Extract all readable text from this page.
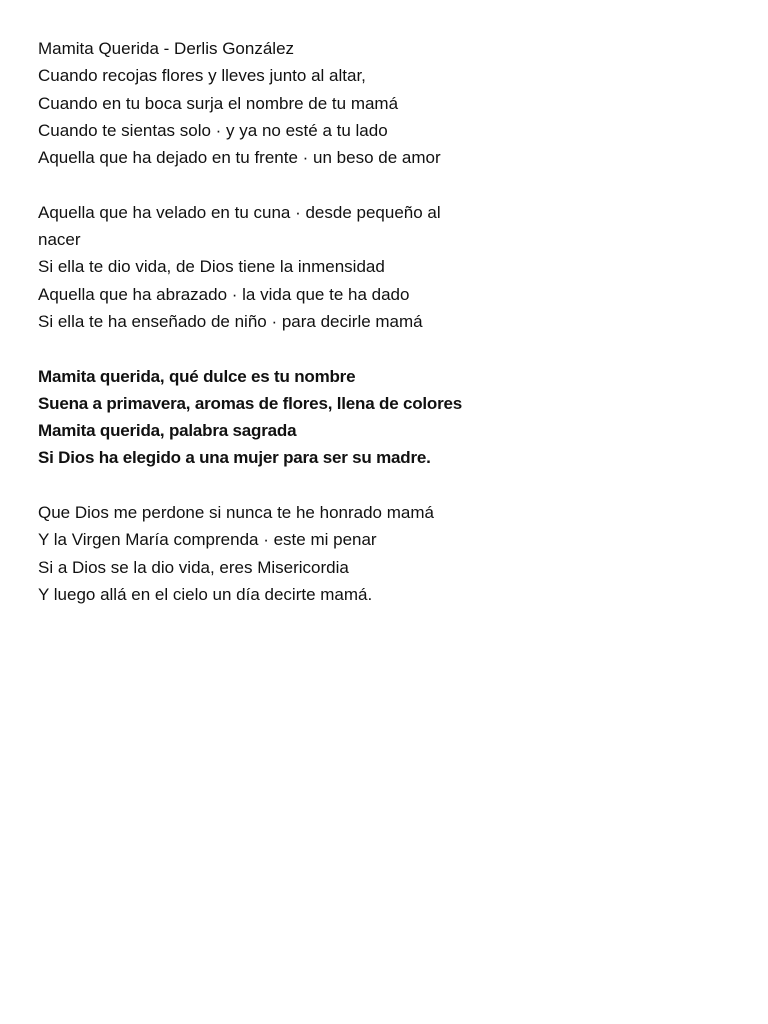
Mamita Querida - Derlis González

Cuando recojas flores y lleves junto al altar,

Cuando en tu boca surja el nombre de tu mamá

Cuando te sientas solo · y ya no esté a tu lado

Aquella que ha dejado en tu frente · un beso de amor

Aquella que ha velado en tu cuna · desde pequeño al

nacer

Si ella te dio vida, de Dios tiene la inmensidad

Aquella que ha abrazado · la vida que te ha dado

Si ella te ha enseñado de niño · para decirle mamá

Mamita querida, qué dulce es tu nombre

Suena a primavera, aromas de flores, llena de colores

Mamita querida, palabra sagrada

Si Dios ha elegido a una mujer para ser su madre.

Que Dios me perdone si nunca te he honrado mamá

Y la Virgen María comprenda · este mi penar

Si a Dios se la dio vida, eres Misericordia

Y luego allá en el cielo un día decirte mamá.
